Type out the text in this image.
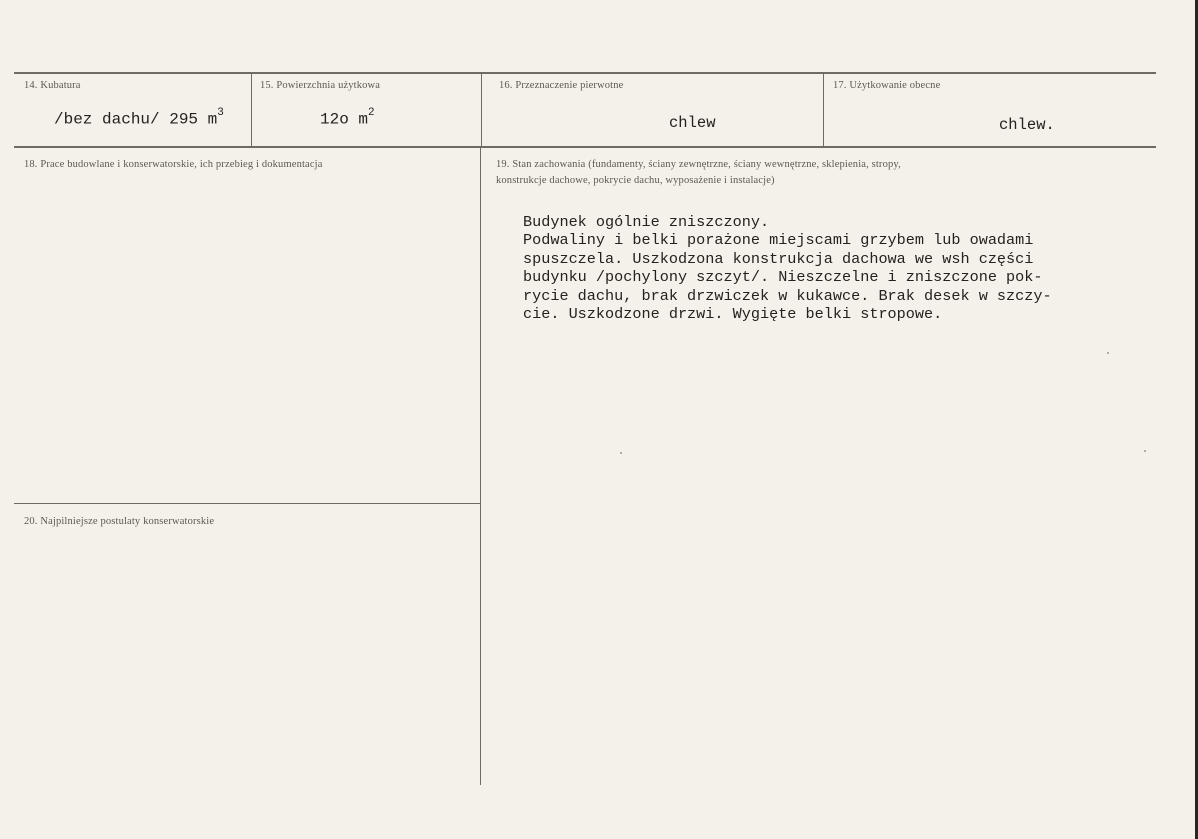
14. Kubatura
/bez dachu/ 295 $m^3$
15. Powierzchnia użytkowa
12o $m^2$
16. Przeznaczenie pierwotne
chlew
17. Użytkowanie obecne
chlew.
18. Prace budowlane i konserwatorskie, ich przebieg i dokumentacja	19. Stan zachowania (fundamenty, ściany zewnętrzne, ściany wewnętrzne, sklepienia, stropy,
konstrukcje dachowe, pokrycie dachu, wyposażenie i instalacje)
Budynek ogólnie zniszczony.
Podwaliny i belki porażone miejscami grzybem lub owadami
spuszczela. Uszkodzona konstrukcja dachowa we wsh części
budynku /pochylony szczyt/. Nieszczelne i zniszczone pok-
rycie dachu, brak drzwiczek w kukawce. Brak desek w szczy-
cie. Uszkodzone drzwi. Wygięte belki stropowe.
20. Najpilniejsze postulaty konserwatorskie
